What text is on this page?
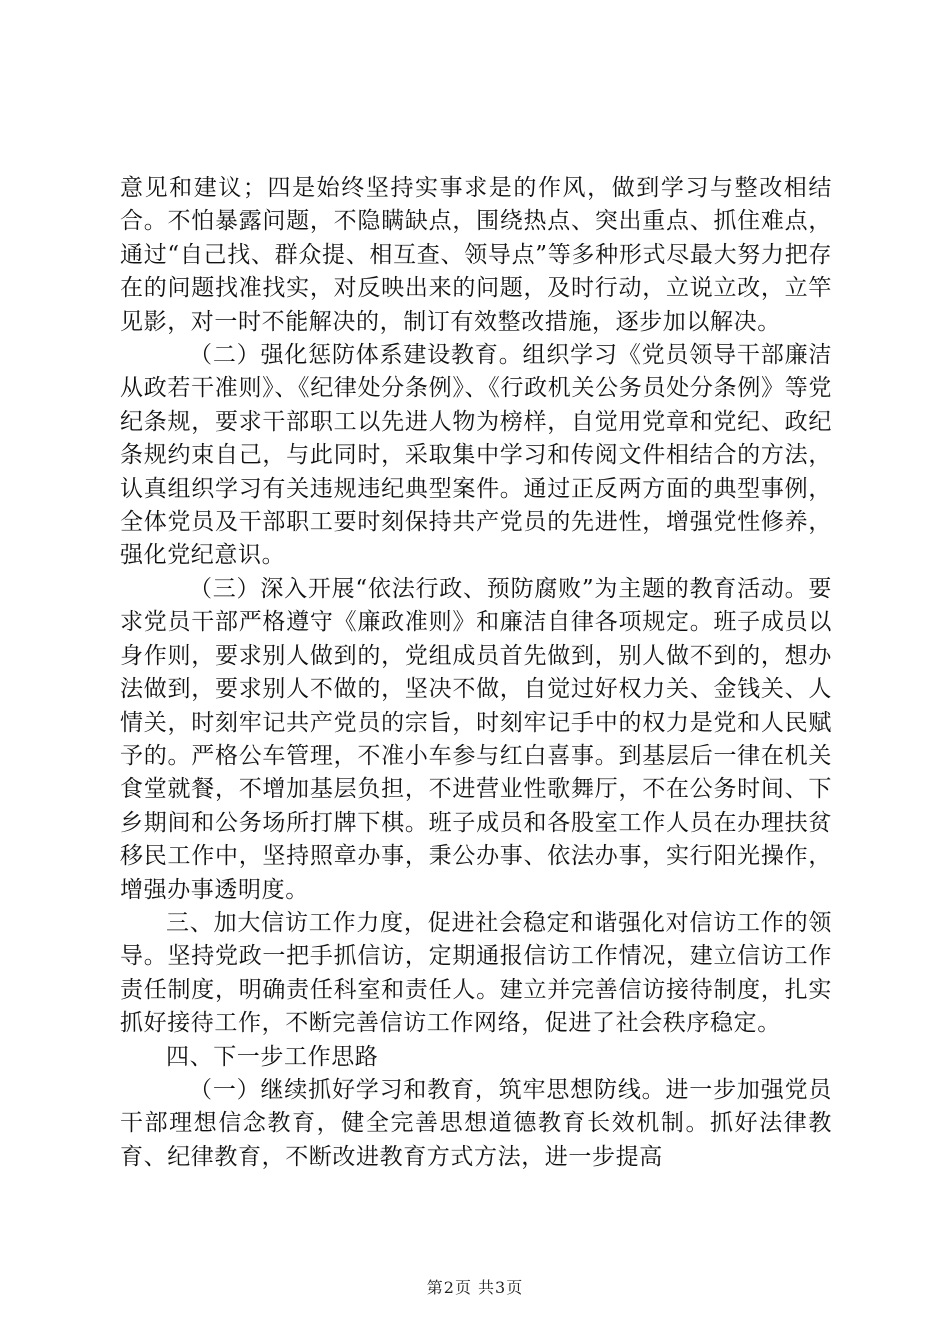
意见和建议；四是始终坚持实事求是的作风，做到学习与整改相结合。不怕暴露问题，不隐瞒缺点，围绕热点、突出重点、抓住难点，通过“自己找、群众提、相互查、领导点”等多种形式尽最大努力把存在的问题找准找实，对反映出来的问题，及时行动，立说立改，立竿见影，对一时不能解决的，制订有效整改措施，逐步加以解决。

（二）强化惩防体系建设教育。组织学习《党员领导干部廉洁从政若干准则》、《纪律处分条例》、《行政机关公务员处分条例》等党纪条规，要求干部职工以先进人物为榜样，自觉用党章和党纪、政纪条规约束自己，与此同时，采取集中学习和传阅文件相结合的方法，认真组织学习有关违规违纪典型案件。通过正反两方面的典型事例，全体党员及干部职工要时刻保持共产党员的先进性，增强党性修养，强化党纪意识。

（三）深入开展“依法行政、预防腐败”为主题的教育活动。要求党员干部严格遵守《廉政准则》和廉洁自律各项规定。班子成员以身作则，要求别人做到的，党组成员首先做到，别人做不到的，想办法做到，要求别人不做的，坚决不做，自觉过好权力关、金钱关、人情关，时刻牢记共产党员的宗旨，时刻牢记手中的权力是党和人民赋予的。严格公车管理，不准小车参与红白喜事。到基层后一律在机关食堂就餐，不增加基层负担，不进营业性歌舞厅，不在公务时间、下乡期间和公务场所打牌下棋。班子成员和各股室工作人员在办理扶贫移民工作中，坚持照章办事，秉公办事、依法办事，实行阳光操作，增强办事透明度。

三、加大信访工作力度，促进社会稳定和谐强化对信访工作的领导。坚持党政一把手抓信访，定期通报信访工作情况，建立信访工作责任制度，明确责任科室和责任人。建立并完善信访接待制度，扎实抓好接待工作，不断完善信访工作网络，促进了社会秩序稳定。

四、下一步工作思路

（一）继续抓好学习和教育，筑牢思想防线。进一步加强党员干部理想信念教育，健全完善思想道德教育长效机制。抓好法律教育、纪律教育，不断改进教育方式方法，进一步提高

第2页 共3页
